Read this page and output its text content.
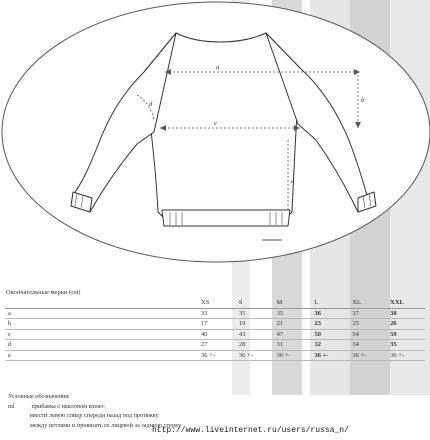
a
b
c
d
e
Окончательные мерки (см)
	XS	S	M	L	XL	XXL
a	33	35	35	36	37	38
b	17	19	21	23	25	26
c	40	43	47	50	54	59
d	27	28	31	32	34	35
e	36 +-	36 +-	36 +-	36 +-	36 +-	36 +-
Условные обозначения:
ml	прибавка с наклоном влево:
ввести левую спицу спереди назад под протяжку
между петлями и провязать ее лицевой за заднюю стенку
http://www.liveinternet.ru/users/russa_n/
